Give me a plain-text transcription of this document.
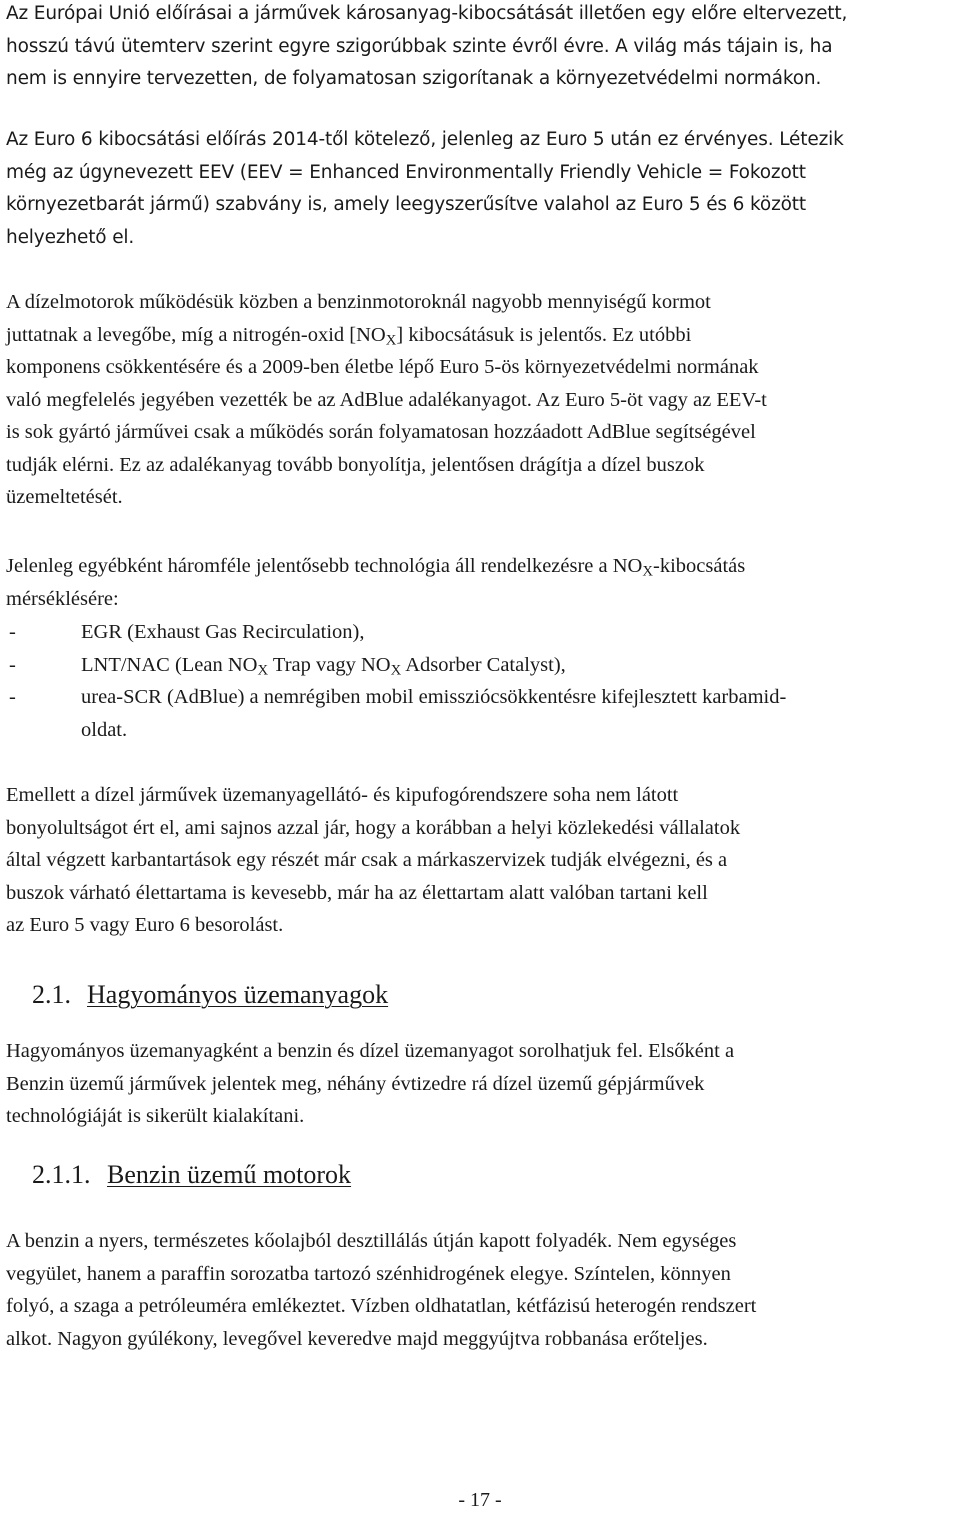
Az Európai Unió előírásai a járművek károsanyag-kibocsátását illetően egy előre eltervezett,
hosszú távú ütemterv szerint egyre szigorúbbak szinte évről évre. A világ más tájain is, ha
nem is ennyire tervezetten, de folyamatosan szigorítanak a környezetvédelmi normákon.
Az Euro 6 kibocsátási előírás 2014-től kötelező, jelenleg az Euro 5 után ez érvényes. Létezik
még az úgynevezett EEV (EEV = Enhanced Environmentally Friendly Vehicle = Fokozott
környezetbarát jármű) szabvány is, amely leegyszerűsítve valahol az Euro 5 és 6 között
helyezhető el.
A dízelmotorok működésük közben a benzinmotoroknál nagyobb mennyiségű kormot
juttatnak a levegőbe, míg a nitrogén-oxid $[NO_X]$ kibocsátásuk is jelentős. Ez utóbbi
komponens csökkentésére és a 2009-ben életbe lépő Euro 5-ös környezetvédelmi normának
való megfelelés jegyében vezették be az AdBlue adalékanyagot. Az Euro 5-öt vagy az EEV-t
is sok gyártó járművei csak a működés során folyamatosan hozzáadott AdBlue segítségével
tudják elérni. Ez az adalékanyag tovább bonyolítja, jelentősen drágítja a dízel buszok
üzemeltetését.
Jelenleg egyébként háromféle jelentősebb technológia áll rendelkezésre a $NO_X$-kibocsátás
mérséklésére:
-	EGR (Exhaust Gas Recirculation),
-	LNT/NAC (Lean $NO_X$ Trap vagy $NO_X$ Adsorber Catalyst),
-	urea-SCR (AdBlue) a nemrégiben mobil emissziócsökkentésre kifejlesztett karbamid-
oldat.
Emellett a dízel járművek üzemanyagellátó- és kipufogórendszere soha nem látott
bonyolultságot ért el, ami sajnos azzal jár, hogy a korábban a helyi közlekedési vállalatok
által végzett karbantartások egy részét már csak a márkaszervizek tudják elvégezni, és a
buszok várható élettartama is kevesebb, már ha az élettartam alatt valóban tartani kell
az Euro 5 vagy Euro 6 besorolást.
2.1. Hagyományos üzemanyagok
Hagyományos üzemanyagként a benzin és dízel üzemanyagot sorolhatjuk fel. Elsőként a
Benzin üzemű járművek jelentek meg, néhány évtizedre rá dízel üzemű gépjárművek
technológiáját is sikerült kialakítani.
2.1.1. Benzin üzemű motorok
A benzin a nyers, természetes kőolajból desztillálás útján kapott folyadék. Nem egységes
vegyület, hanem a paraffin sorozatba tartozó szénhidrogének elegye. Színtelen, könnyen
folyó, a szaga a petróleuméra emlékeztet. Vízben oldhatatlan, kétfázisú heterogén rendszert
alkot. Nagyon gyúlékony, levegővel keveredve majd meggyújtva robbanása erőteljes.
- 17 -
